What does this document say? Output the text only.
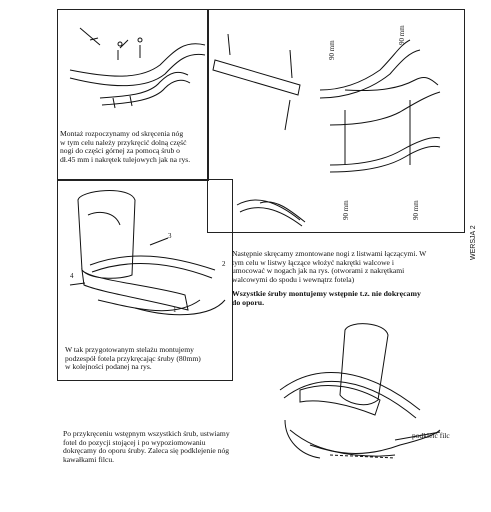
Montaż rozpoczynamy od skręcenia nóg
w tym celu należy przykręcić dolną część
nogi do części górnej za pomocą śrub o
dł.45 mm i nakrętek tulejowych jak na rys.
Następnie skręcamy zmontowane nogi z listwami łączącymi. W
tym celu w listwy łączące włożyć nakrętki walcowe i
umocować w nogach jak na rys. (otworami z nakrętkami
walcowymi do spodu i wewnątrz fotela)
Wszystkie śruby montujemy wstępnie t.z. nie dokręcamy
do oporu.
W tak przygotowanym stelażu montujemy
podzespół fotela przykręcając śruby (80mm)
w kolejności podanej na rys.
Po przykręceniu wstępnym wszystkich śrub, ustwiamy
fotel do pozycji stojącej i po wypoziomowaniu
dokręcamy do oporu śruby. Zaleca się podklejenie nóg
kawałkami filcu.
podkleić filc
90 mm
90 mm
90 mm	90 mm
WERSJA 2
1
2
3
4
